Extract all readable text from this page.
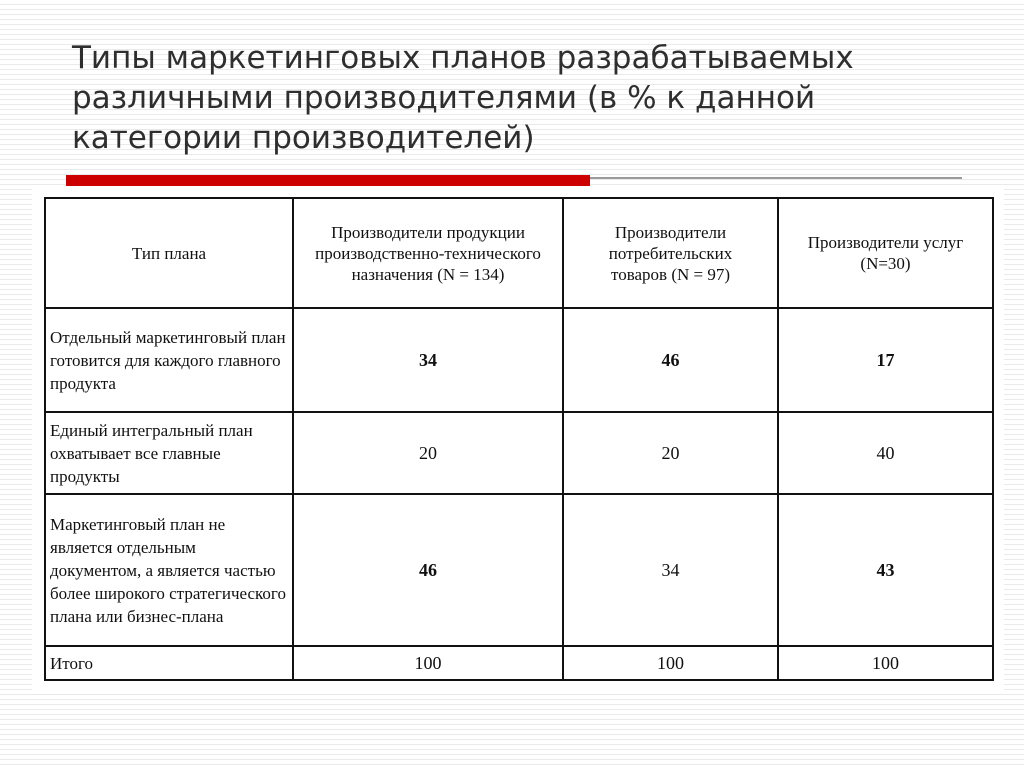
Типы маркетинговых планов разрабатываемых
различными производителями (в % к данной
категории производителей)
Тип плана	Производители продукции производственно-технического назначения (N = 134)	Производители потребительских товаров (N = 97)	Производители услуг (N=30)

Отдельный маркетинговый план готовится для каждого главного продукта	34	46	17
Единый интегральный план охватывает все главные продукты	20	20	40
Маркетинговый план не является отдельным документом, а является частью более широкого стратегического плана или бизнес-плана	46	34	43
Итого	100	100	100
